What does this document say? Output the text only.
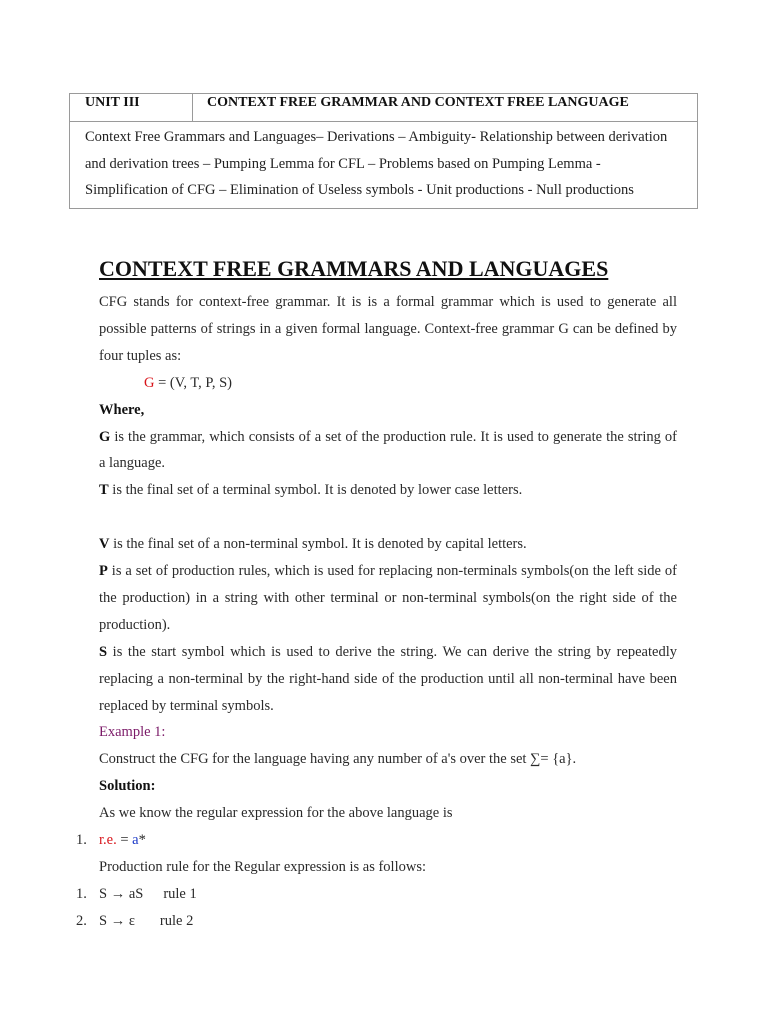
UNIT III	CONTEXT FREE GRAMMAR AND CONTEXT FREE LANGUAGE
Context Free Grammars and Languages– Derivations – Ambiguity- Relationship between derivation
and derivation trees – Pumping Lemma for CFL – Problems based on Pumping Lemma -
Simplification of CFG – Elimination of Useless symbols - Unit productions - Null productions
CONTEXT FREE GRAMMARS AND LANGUAGES

CFG stands for context-free grammar. It is is a formal grammar which is used to generate all possible patterns of strings in a given formal language. Context-free grammar G can be defined by four tuples as:

G = (V, T, P, S)

Where,

G is the grammar, which consists of a set of the production rule. It is used to generate the string of a language.

T is the final set of a terminal symbol. It is denoted by lower case letters.

V is the final set of a non-terminal symbol. It is denoted by capital letters.

P is a set of production rules, which is used for replacing non-terminals symbols(on the left side of the production) in a string with other terminal or non-terminal symbols(on the right side of the production).

S is the start symbol which is used to derive the string. We can derive the string by repeatedly replacing a non-terminal by the right-hand side of the production until all non-terminal have been replaced by terminal symbols.

Example 1:

Construct the CFG for the language having any number of a's over the set ∑= {a}.

Solution:

As we know the regular expression for the above language is

1. r.e. = a*

Production rule for the Regular expression is as follows:

1. S → aS rule 1

2. S → ε rule 2
